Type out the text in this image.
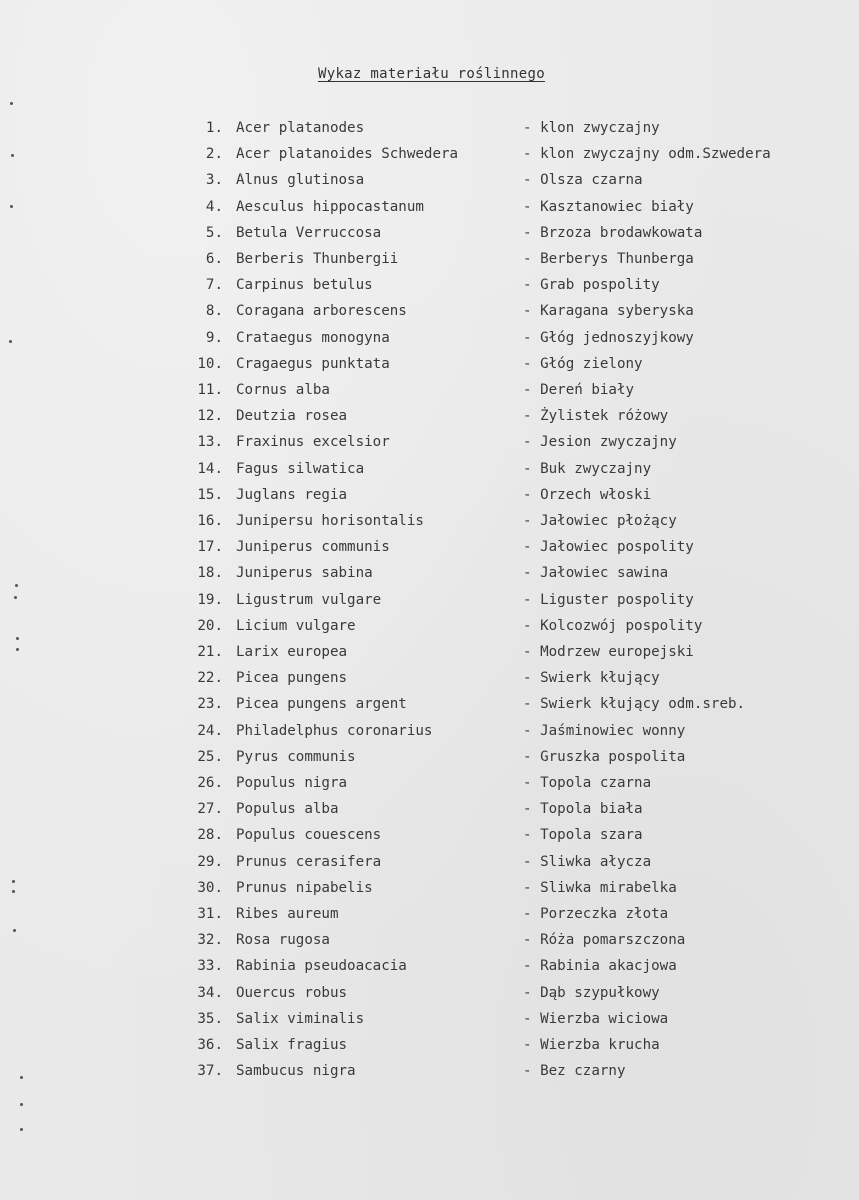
Wykaz materiału roślinnego
1. Acer platanodes	- klon zwyczajny
2. Acer platanoides Schwedera	- klon zwyczajny odm.Szwedera
3. Alnus glutinosa	- Olsza czarna
4. Aesculus hippocastanum	- Kasztanowiec biały
5. Betula Verruccosa	- Brzoza brodawkowata
6. Berberis Thunbergii	- Berberys Thunberga
7. Carpinus betulus	- Grab pospolity
8. Coragana arborescens	- Karagana syberyska
9. Crataegus monogyna	- Głóg jednoszyjkowy
10. Cragaegus punktata	- Głóg zielony
11. Cornus alba	- Dereń biały
12. Deutzia rosea	- Żylistek różowy
13. Fraxinus excelsior	- Jesion zwyczajny
14. Fagus silwatica	- Buk zwyczajny
15. Juglans regia	- Orzech włoski
16. Junipersu horisontalis	- Jałowiec płożący
17. Juniperus communis	- Jałowiec pospolity
18. Juniperus sabina	- Jałowiec sawina
19. Ligustrum vulgare	- Liguster pospolity
20. Licium vulgare	- Kolcozwój pospolity
21. Larix europea	- Modrzew europejski
22. Picea pungens	- Swierk kłujący
23. Picea pungens argent	- Swierk kłujący odm.sreb.
24. Philadelphus coronarius	- Jaśminowiec wonny
25. Pyrus communis	- Gruszka pospolita
26. Populus nigra	- Topola czarna
27. Populus alba	- Topola biała
28. Populus couescens	- Topola szara
29. Prunus cerasifera	- Sliwka ałycza
30. Prunus nipabelis	- Sliwka mirabelka
31. Ribes aureum	- Porzeczka złota
32. Rosa rugosa	- Róża pomarszczona
33. Rabinia pseudoacacia	- Rabinia akacjowa
34. Ouercus robus	- Dąb szypułkowy
35. Salix viminalis	- Wierzba wiciowa
36. Salix fragius	- Wierzba krucha
37. Sambucus nigra	- Bez czarny
